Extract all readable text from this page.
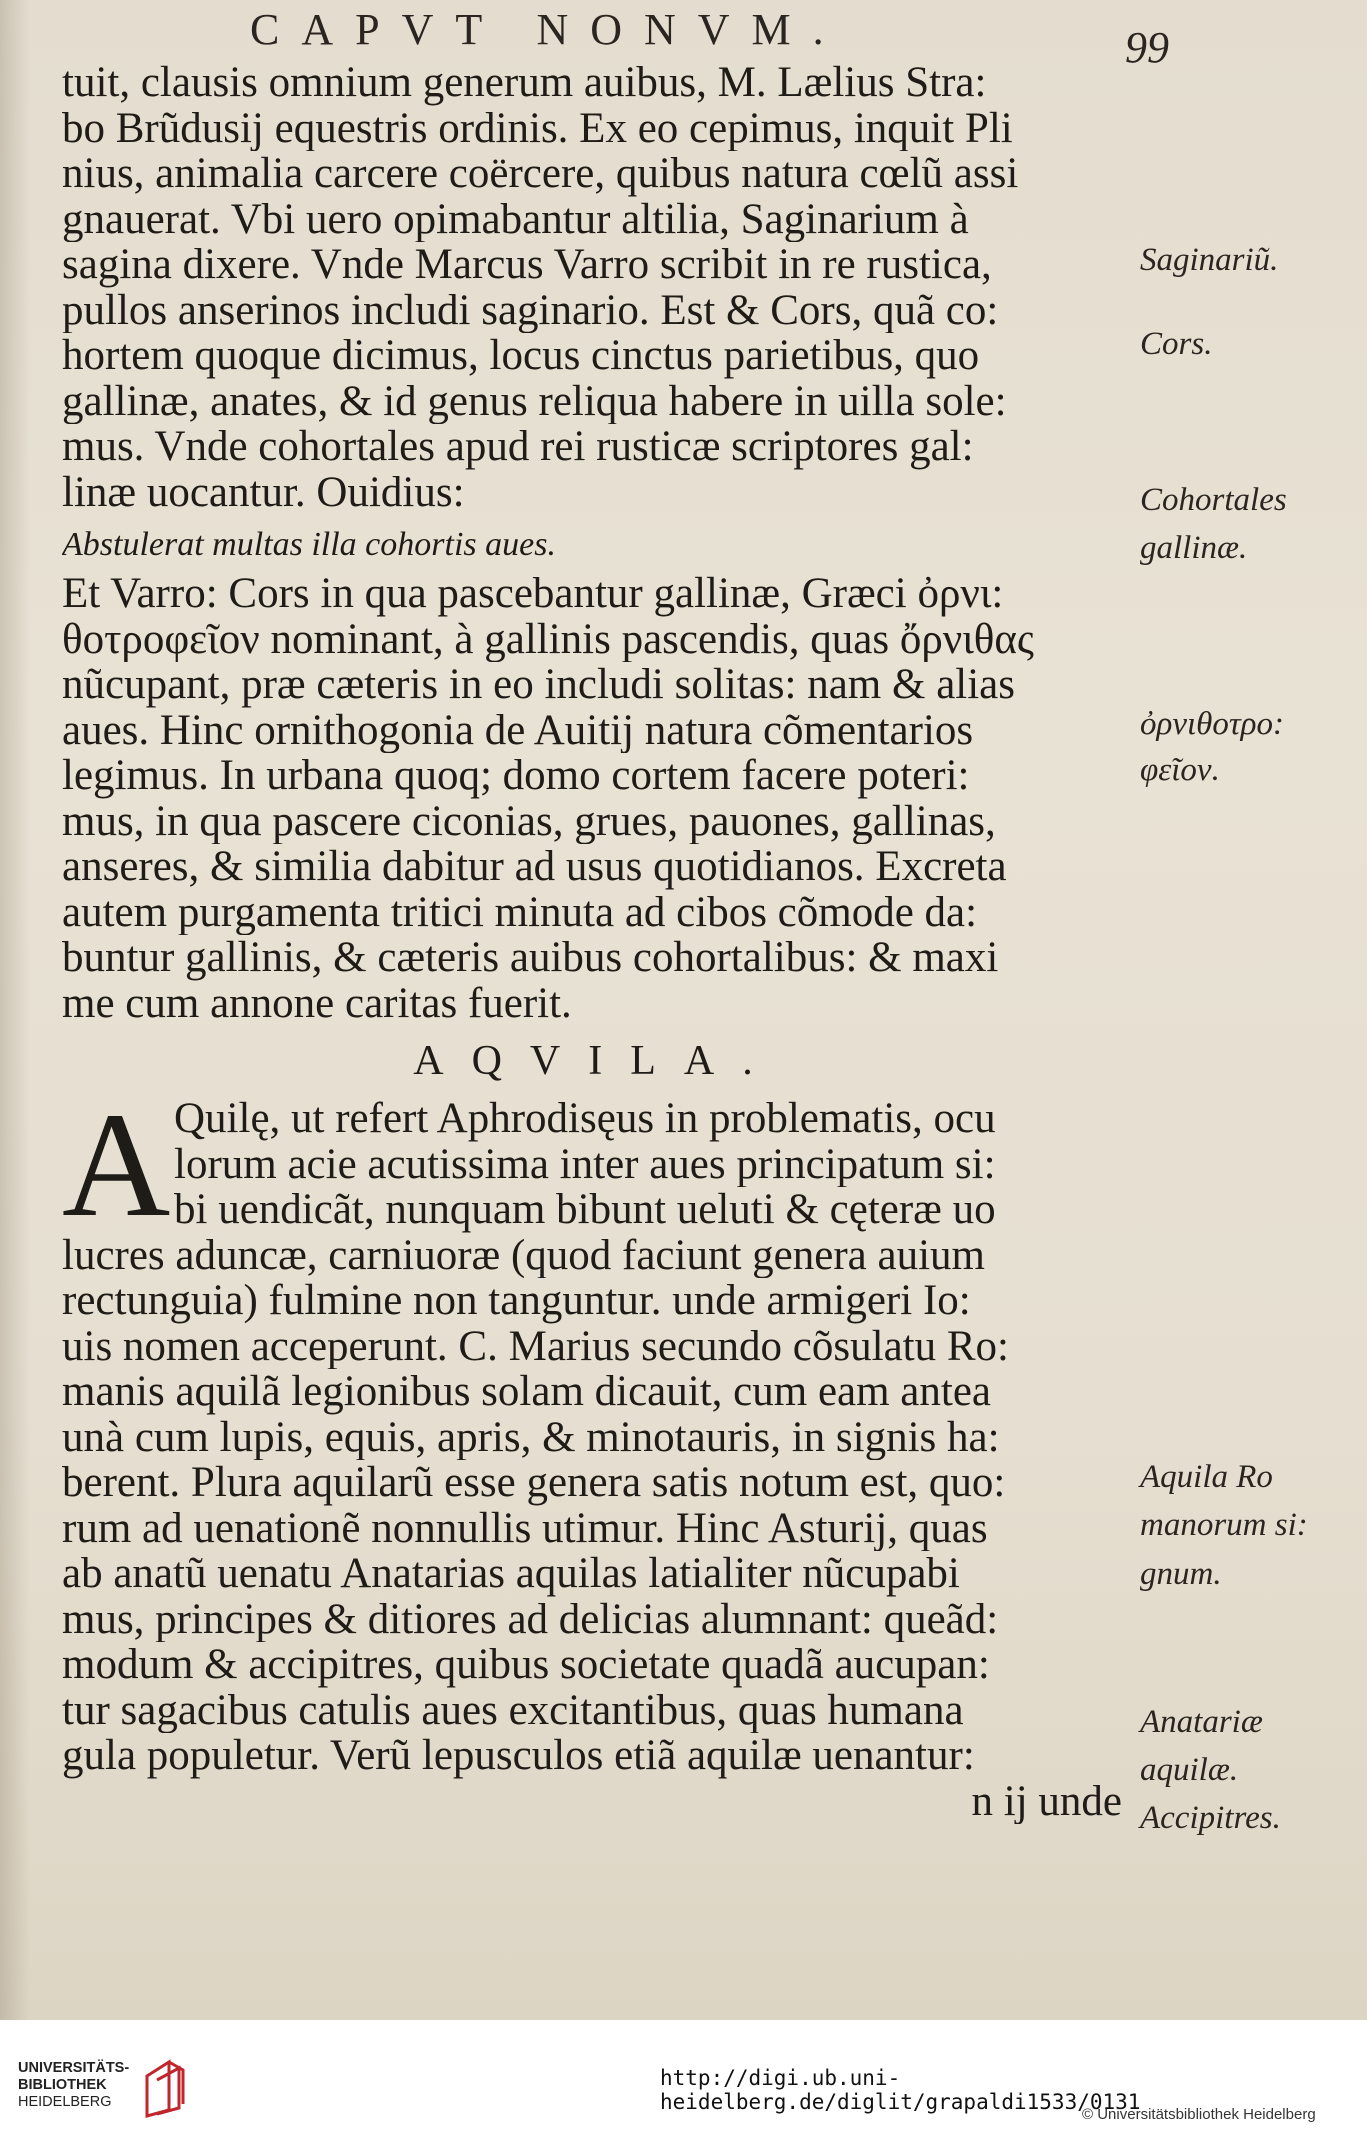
CAPVT NONVM.	99
tuit, clausis omnium generum auibus, M. Lælius Stra:
bo Brũdusij equestris ordinis. Ex eo cepimus, inquit Pli
nius, animalia carcere coërcere, quibus natura cœlũ assi
gnauerat. Vbi uero opimabantur altilia, Saginarium à
sagina dixere. Vnde Marcus Varro scribit in re rustica,
pullos anserinos includi saginario. Est & Cors, quã co:
hortem quoque dicimus, locus cinctus parietibus, quo
gallinæ, anates, & id genus reliqua habere in uilla sole:
mus. Vnde cohortales apud rei rusticæ scriptores gal:
linæ uocantur. Ouidius:
Abstulerat multas illa cohortis aues.
Et Varro: Cors in qua pascebantur gallinæ, Græci ὀρνι:
θοτροφεῖον nominant, à gallinis pascendis, quas ὄρνιθας
nũcupant, præ cæteris in eo includi solitas: nam & alias
aues. Hinc ornithogonia de Auitij natura cõmentarios
legimus. In urbana quoq; domo cortem facere poteri:
mus, in qua pascere ciconias, grues, pauones, gallinas,
anseres, & similia dabitur ad usus quotidianos. Excreta
autem purgamenta tritici minuta ad cibos cõmode da:
buntur gallinis, & cæteris auibus cohortalibus: & maxi
me cum annone caritas fuerit.
AQVILA.
A Quilę, ut refert Aphrodisęus in problematis, ocu
lorum acie acutissima inter aues principatum si:
bi uendicãt, nunquam bibunt ueluti & cęteræ uo
lucres aduncæ, carniuoræ (quod faciunt genera auium
rectunguia) fulmine non tanguntur. unde armigeri Io:
uis nomen acceperunt. C. Marius secundo cõsulatu Ro:
manis aquilã legionibus solam dicauit, cum eam antea
unà cum lupis, equis, apris, & minotauris, in signis ha:
berent. Plura aquilarũ esse genera satis notum est, quo:
rum ad uenationẽ nonnullis utimur. Hinc Asturij, quas
ab anatũ uenatu Anatarias aquilas latialiter nũcupabi
mus, principes & ditiores ad delicias alumnant: queãd:
modum & accipitres, quibus societate quadã aucupan:
tur sagacibus catulis aues excitantibus, quas humana
gula populetur. Verũ lepusculos etiã aquilæ uenantur:
n ij unde
Saginariũ.
Cors.
Cohortales
gallinæ.
ὀρνιθοτρο:
φεῖον.
Aquila Ro
manorum si:
gnum.
Anatariæ
aquilæ.
Accipitres.
UNIVERSITÄTS-
BIBLIOTHEK
HEIDELBERG
http://digi.ub.uni-heidelberg.de/diglit/grapaldi1533/0131
© Universitätsbibliothek Heidelberg
